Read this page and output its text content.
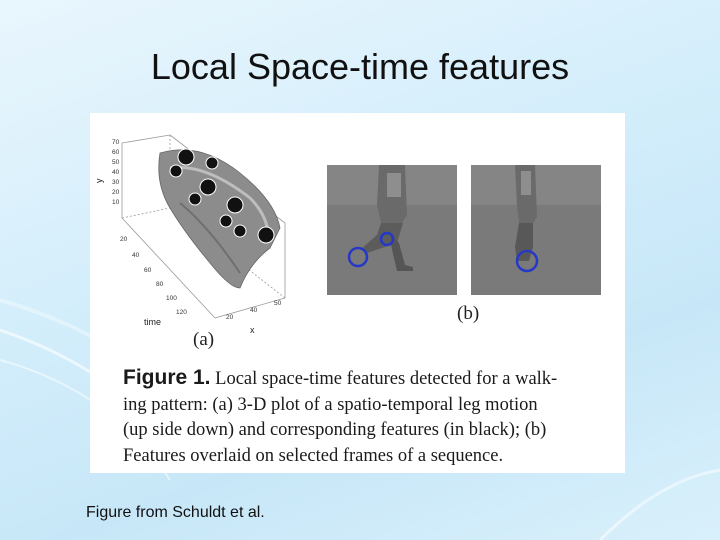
Local Space-time features
70
60
50
40
30
20
10
20
40
60
80
100
120
20
40
50
y
time
x
(a)
(b)
Figure 1. Local space-time features detected for a walk-
ing pattern: (a) 3-D plot of a spatio-temporal leg motion
(up side down) and corresponding features (in black); (b)
Features overlaid on selected frames of a sequence.
Figure from Schuldt et al.
